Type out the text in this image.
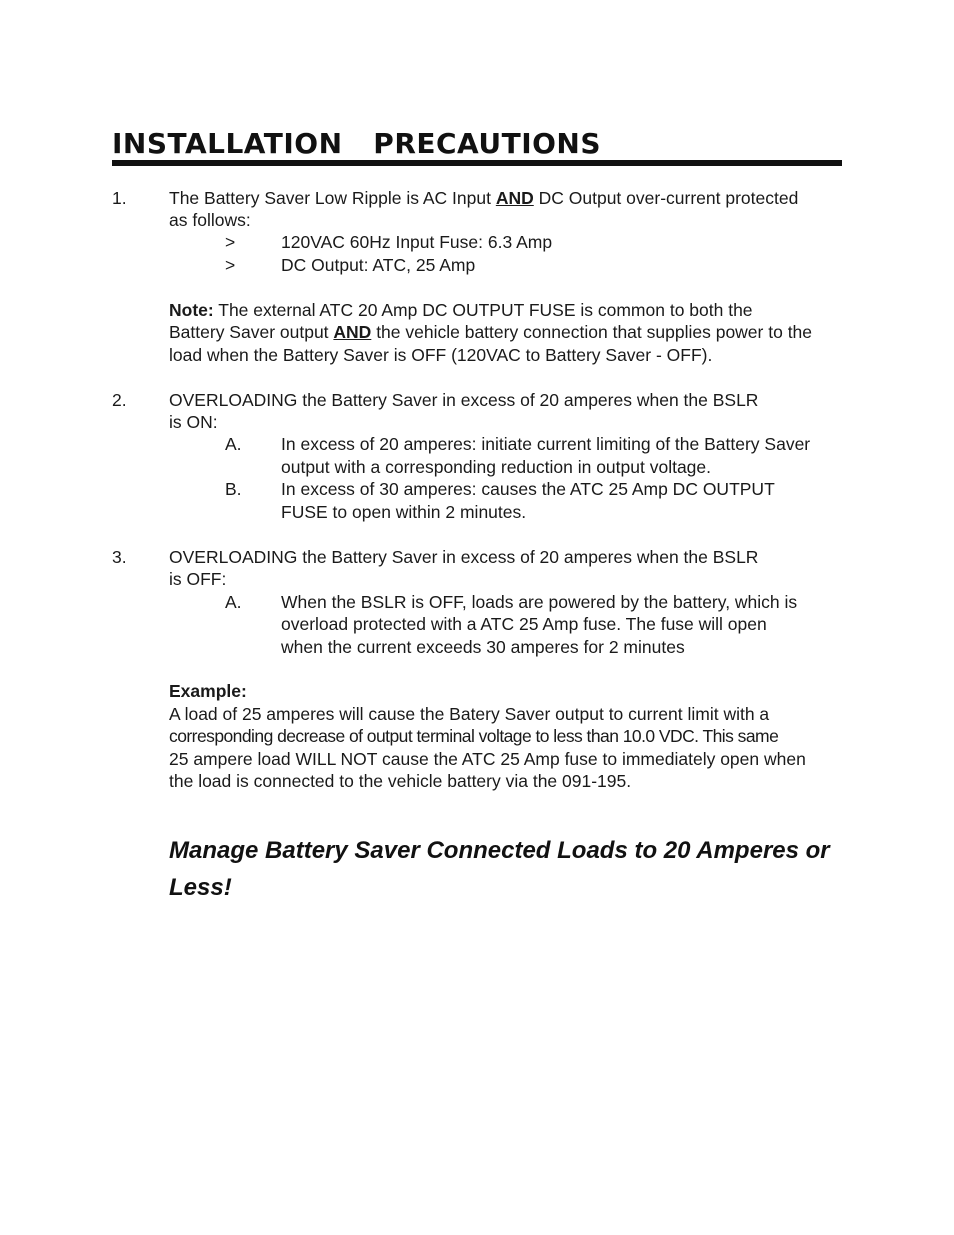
INSTALLATION   PRECAUTIONS
1. The Battery Saver Low Ripple is AC Input AND DC Output over-current protected
as follows:
>	120VAC 60Hz Input Fuse: 6.3 Amp
>	DC Output: ATC, 25 Amp
Note: The external ATC 20 Amp DC OUTPUT FUSE is common to both the
Battery Saver output AND the vehicle battery connection that supplies power to the
load when the Battery Saver is OFF (120VAC to Battery Saver - OFF).
2. OVERLOADING the Battery Saver in excess of 20 amperes when the BSLR
is ON:
A. In excess of 20 amperes: initiate current limiting of the Battery Saver
output with a corresponding reduction in output voltage.
B. In excess of 30 amperes: causes the ATC 25 Amp DC OUTPUT
FUSE to open within 2 minutes.
3. OVERLOADING the Battery Saver in excess of 20 amperes when the BSLR
is OFF:
A. When the BSLR is OFF, loads are powered by the battery, which is
overload protected with a ATC 25 Amp fuse. The fuse will open
when the current exceeds 30 amperes for 2 minutes
Example:
A load of 25 amperes will cause the Batery Saver output to current limit with a
corresponding decrease of output terminal voltage to less than 10.0 VDC. This same
25 ampere load WILL NOT cause the ATC 25 Amp fuse to immediately open when
the load is connected to the vehicle battery via the 091-195.
Manage Battery Saver Connected Loads to 20 Amperes or Less!
